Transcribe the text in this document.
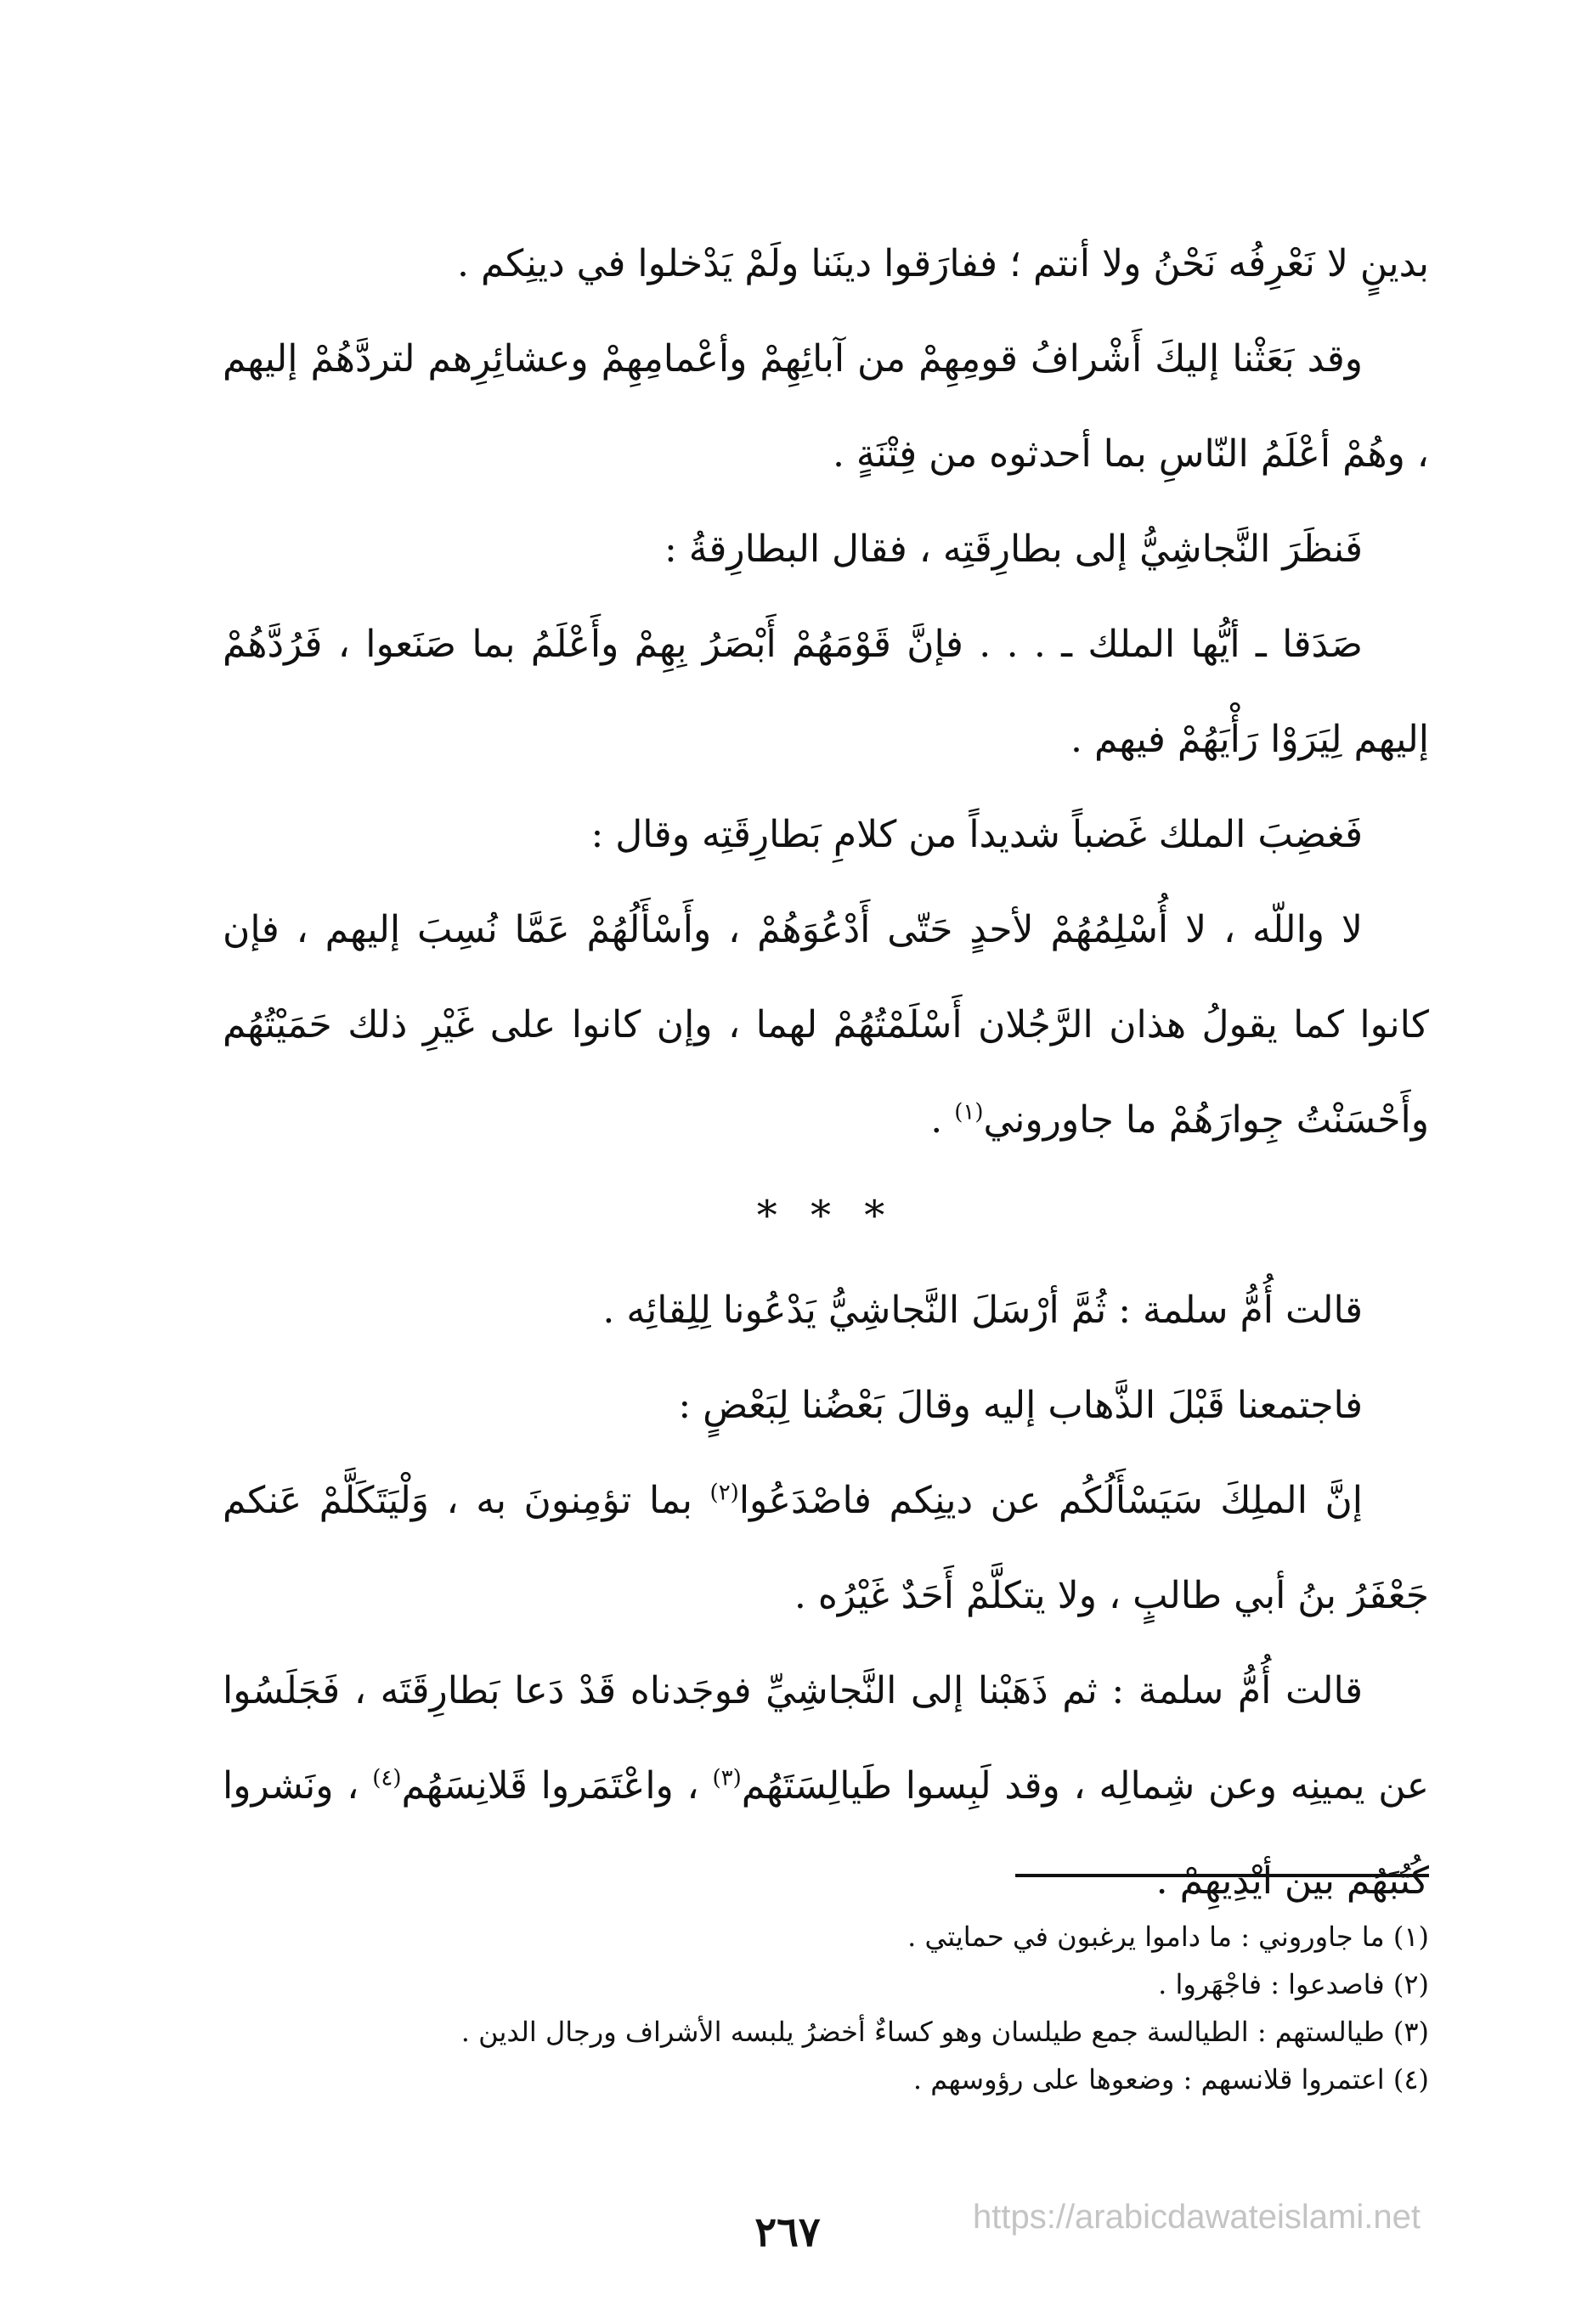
بدينٍ لا نَعْرِفُه نَحْنُ ولا أنتم ؛ ففارَقوا دينَنا ولَمْ يَدْخلوا في دينِكم .

وقد بَعَثْنا إليكَ أَشْرافُ قومِهِمْ من آبائِهِمْ وأعْمامِهِمْ وعشائِرِهم لتردَّهُمْ إليهم ، وهُمْ أعْلَمُ النّاسِ بما أحدثوه من فِتْنَةٍ .

فَنظَرَ النَّجاشِيُّ إلى بطارِقَتِه ، فقال البطارِقةُ :

صَدَقا ـ أيُّها الملك ـ . . . فإنَّ قَوْمَهُمْ أَبْصَرُ بِهِمْ وأَعْلَمُ بما صَنَعوا ، فَرُدَّهُمْ إليهم لِيَرَوْا رَأْيَهُمْ فيهم .

فَغضِبَ الملك غَضباً شديداً من كلامِ بَطارِقَتِه وقال :

لا واللّه ، لا أُسْلِمُهُمْ لأحدٍ حَتّى أَدْعُوَهُمْ ، وأَسْأَلُهُمْ عَمَّا نُسِبَ إليهم ، فإن كانوا كما يقولُ هذان الرَّجُلان أَسْلَمْتُهُمْ لهما ، وإن كانوا على غَيْرِ ذلك حَمَيْتُهُم وأَحْسَنْتُ جِوارَهُمْ ما جاوروني$^{(١)}$ .

* * *

قالت أُمُّ سلمة : ثُمَّ أرْسَلَ النَّجاشِيُّ يَدْعُونا لِلِقائِه .

فاجتمعنا قَبْلَ الذَّهاب إليه وقالَ بَعْضُنا لِبَعْضٍ :

إنَّ الملِكَ سَيَسْأَلُكُم عن دينِكم فاصْدَعُوا$^{(٢)}$ بما تؤمِنونَ به ، وَلْيَتَكَلَّمْ عَنكم جَعْفَرُ بنُ أبي طالبٍ ، ولا يتكلَّمْ أَحَدٌ غَيْرُه .

قالت أُمُّ سلمة : ثم ذَهَبْنا إلى النَّجاشِيِّ فوجَدناه قَدْ دَعا بَطارِقَتَه ، فَجَلَسُوا عن يمينِه وعن شِمالِه ، وقد لَبِسوا طَيالِسَتَهُم$^{(٣)}$ ، واعْتَمَروا قَلانِسَهُم$^{(٤)}$ ، ونَشروا كُتُبَهُم بين أيْدِيهِمْ .

(١) ما جاوروني : ما داموا يرغبون في حمايتي .

(٢) فاصدعوا : فاجْهَروا .

(٣) طيالستهم : الطيالسة جمع طيلسان وهو كساءٌ أخضرُ يلبسه الأشراف ورجال الدين .

(٤) اعتمروا قلانسهم : وضعوها على رؤوسهم .

٢٦٧	https://arabicdawateislami.net
